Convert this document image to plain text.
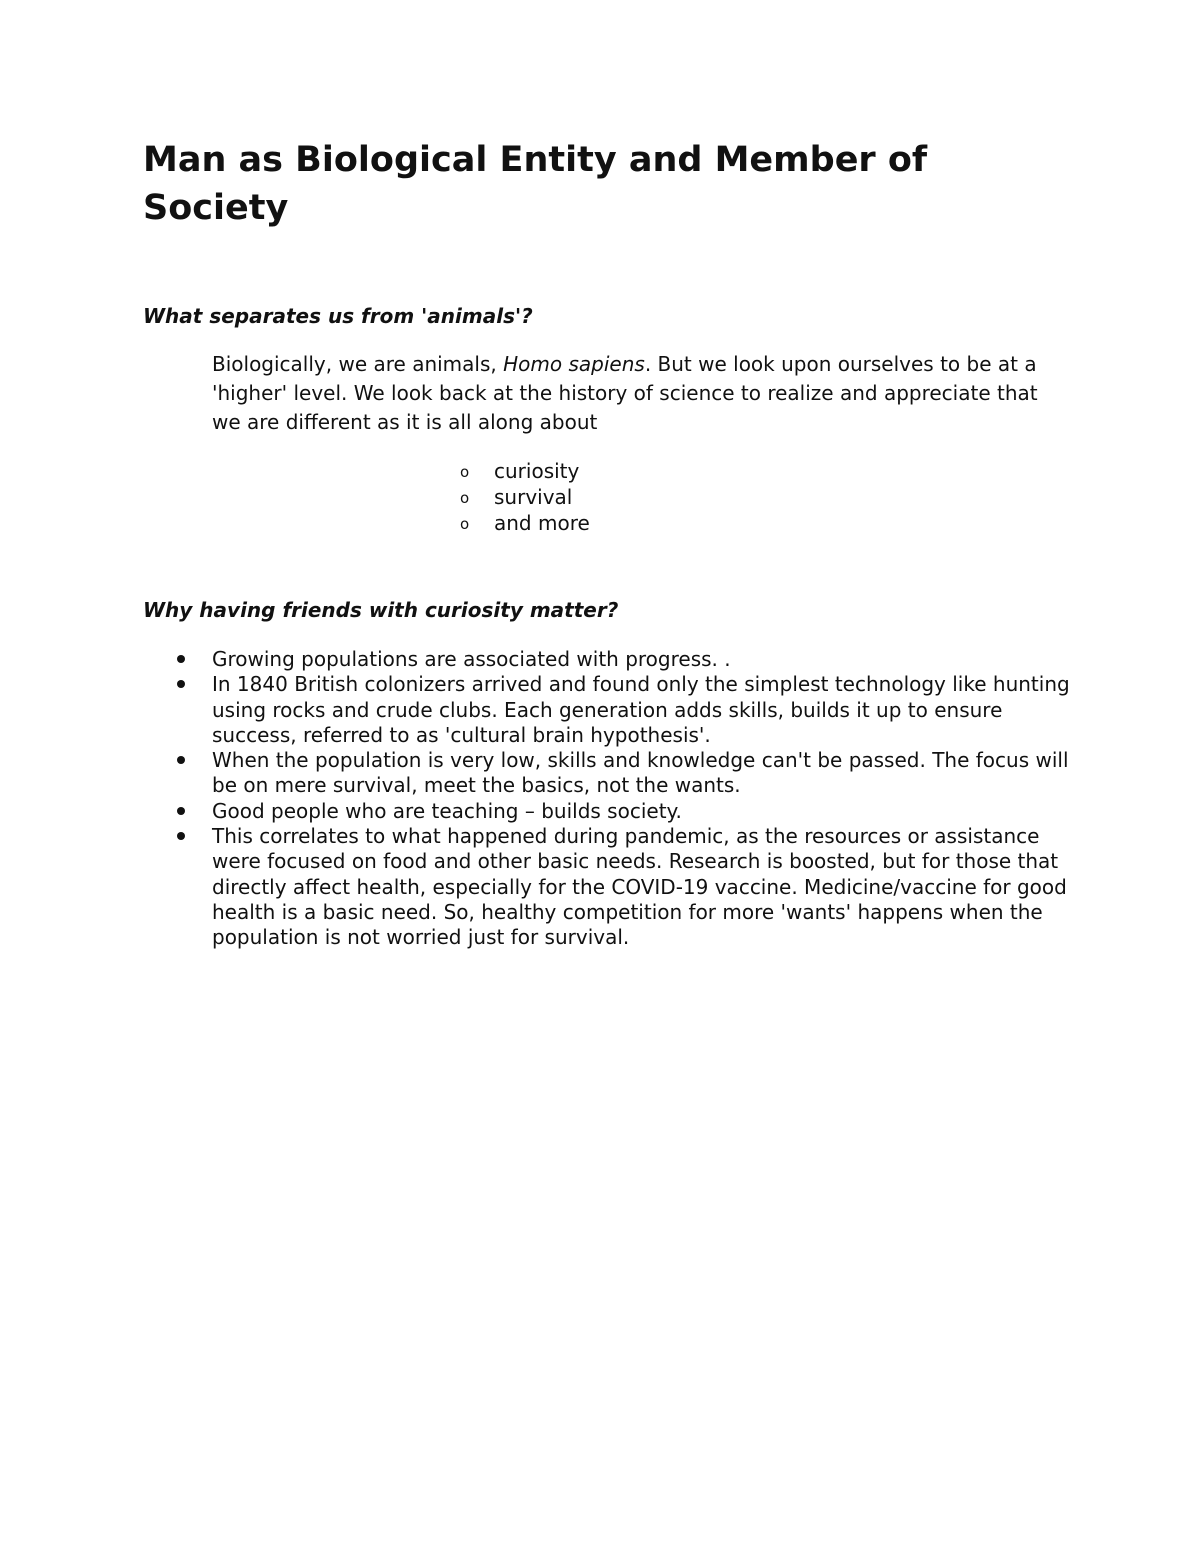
Man as Biological Entity and Member of Society
What separates us from 'animals'?

Biologically, we are animals, Homo sapiens. But we look upon ourselves to be at a 'higher' level. We look back at the history of science to realize and appreciate that we are different as it is all along about

o curiosity
o survival
o and more
Why having friends with curiosity matter?
Growing populations are associated with progress. .
In 1840 British colonizers arrived and found only the simplest technology like hunting using rocks and crude clubs. Each generation adds skills, builds it up to ensure success, referred to as 'cultural brain hypothesis'.
When the population is very low, skills and knowledge can't be passed. The focus will be on mere survival, meet the basics, not the wants.
Good people who are teaching – builds society.
This correlates to what happened during pandemic, as the resources or assistance were focused on food and other basic needs. Research is boosted, but for those that directly affect health, especially for the COVID-19 vaccine. Medicine/vaccine for good health is a basic need. So, healthy competition for more 'wants' happens when the population is not worried just for survival.
